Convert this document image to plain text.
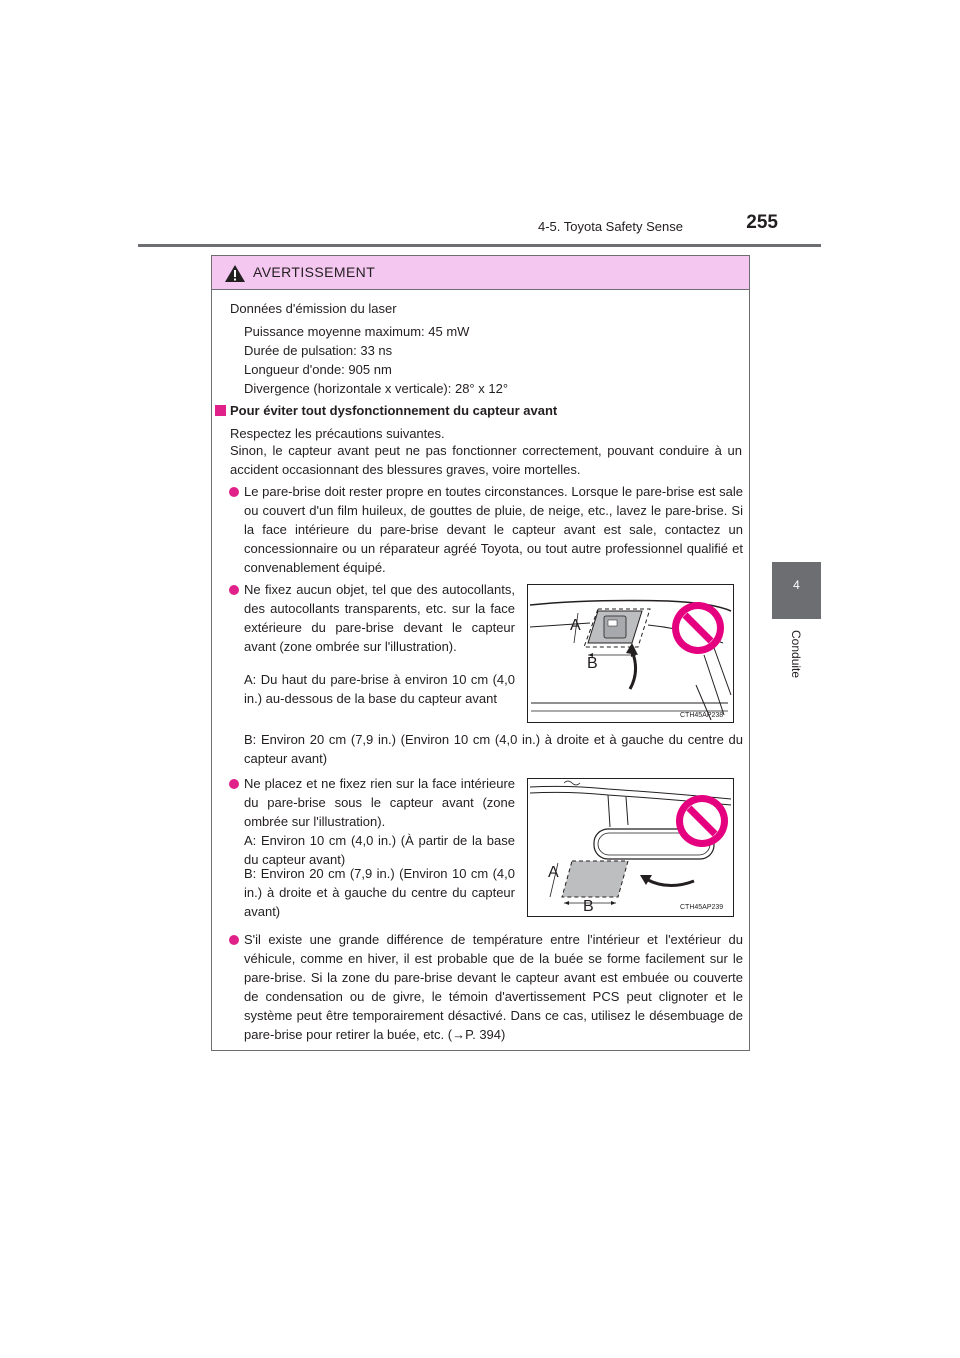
4-5. Toyota Safety Sense	255
4
Conduite
AVERTISSEMENT
Données d'émission du laser
Puissance moyenne maximum: 45 mW
Durée de pulsation: 33 ns
Longueur d'onde: 905 nm
Divergence (horizontale x verticale): 28° x 12°
Pour éviter tout dysfonctionnement du capteur avant
Respectez les précautions suivantes.
Sinon, le capteur avant peut ne pas fonctionner correctement, pouvant conduire à un accident occasionnant des blessures graves, voire mortelles.
Le pare-brise doit rester propre en toutes circonstances. Lorsque le pare-brise est sale ou couvert d'un film huileux, de gouttes de pluie, de neige, etc., lavez le pare-brise. Si la face intérieure du pare-brise devant le capteur avant est sale, contactez un concessionnaire ou un réparateur agréé Toyota, ou tout autre professionnel qualifié et convenablement équipé.
Ne fixez aucun objet, tel que des autocollants, des autocollants transparents, etc. sur la face extérieure du pare-brise devant le capteur avant (zone ombrée sur l'illustration).
A: Du haut du pare-brise à environ 10 cm (4,0 in.) au-dessous de la base du capteur avant
A
B
CTH45AP238
B: Environ 20 cm (7,9 in.) (Environ 10 cm (4,0 in.) à droite et à gauche du centre du capteur avant)
Ne placez et ne fixez rien sur la face intérieure du pare-brise sous le capteur avant (zone ombrée sur l'illustration).
A: Environ 10 cm (4,0 in.) (À partir de la base du capteur avant)
B: Environ 20 cm (7,9 in.) (Environ 10 cm (4,0 in.) à droite et à gauche du centre du capteur avant)
A
B	CTH45AP239
S'il existe une grande différence de température entre l'intérieur et l'extérieur du véhicule, comme en hiver, il est probable que de la buée se forme facilement sur le pare-brise. Si la zone du pare-brise devant le capteur avant est embuée ou couverte de condensation ou de givre, le témoin d'avertissement PCS peut clignoter et le système peut être temporairement désactivé. Dans ce cas, utilisez le désembuage de pare-brise pour retirer la buée, etc. (→P. 394)
